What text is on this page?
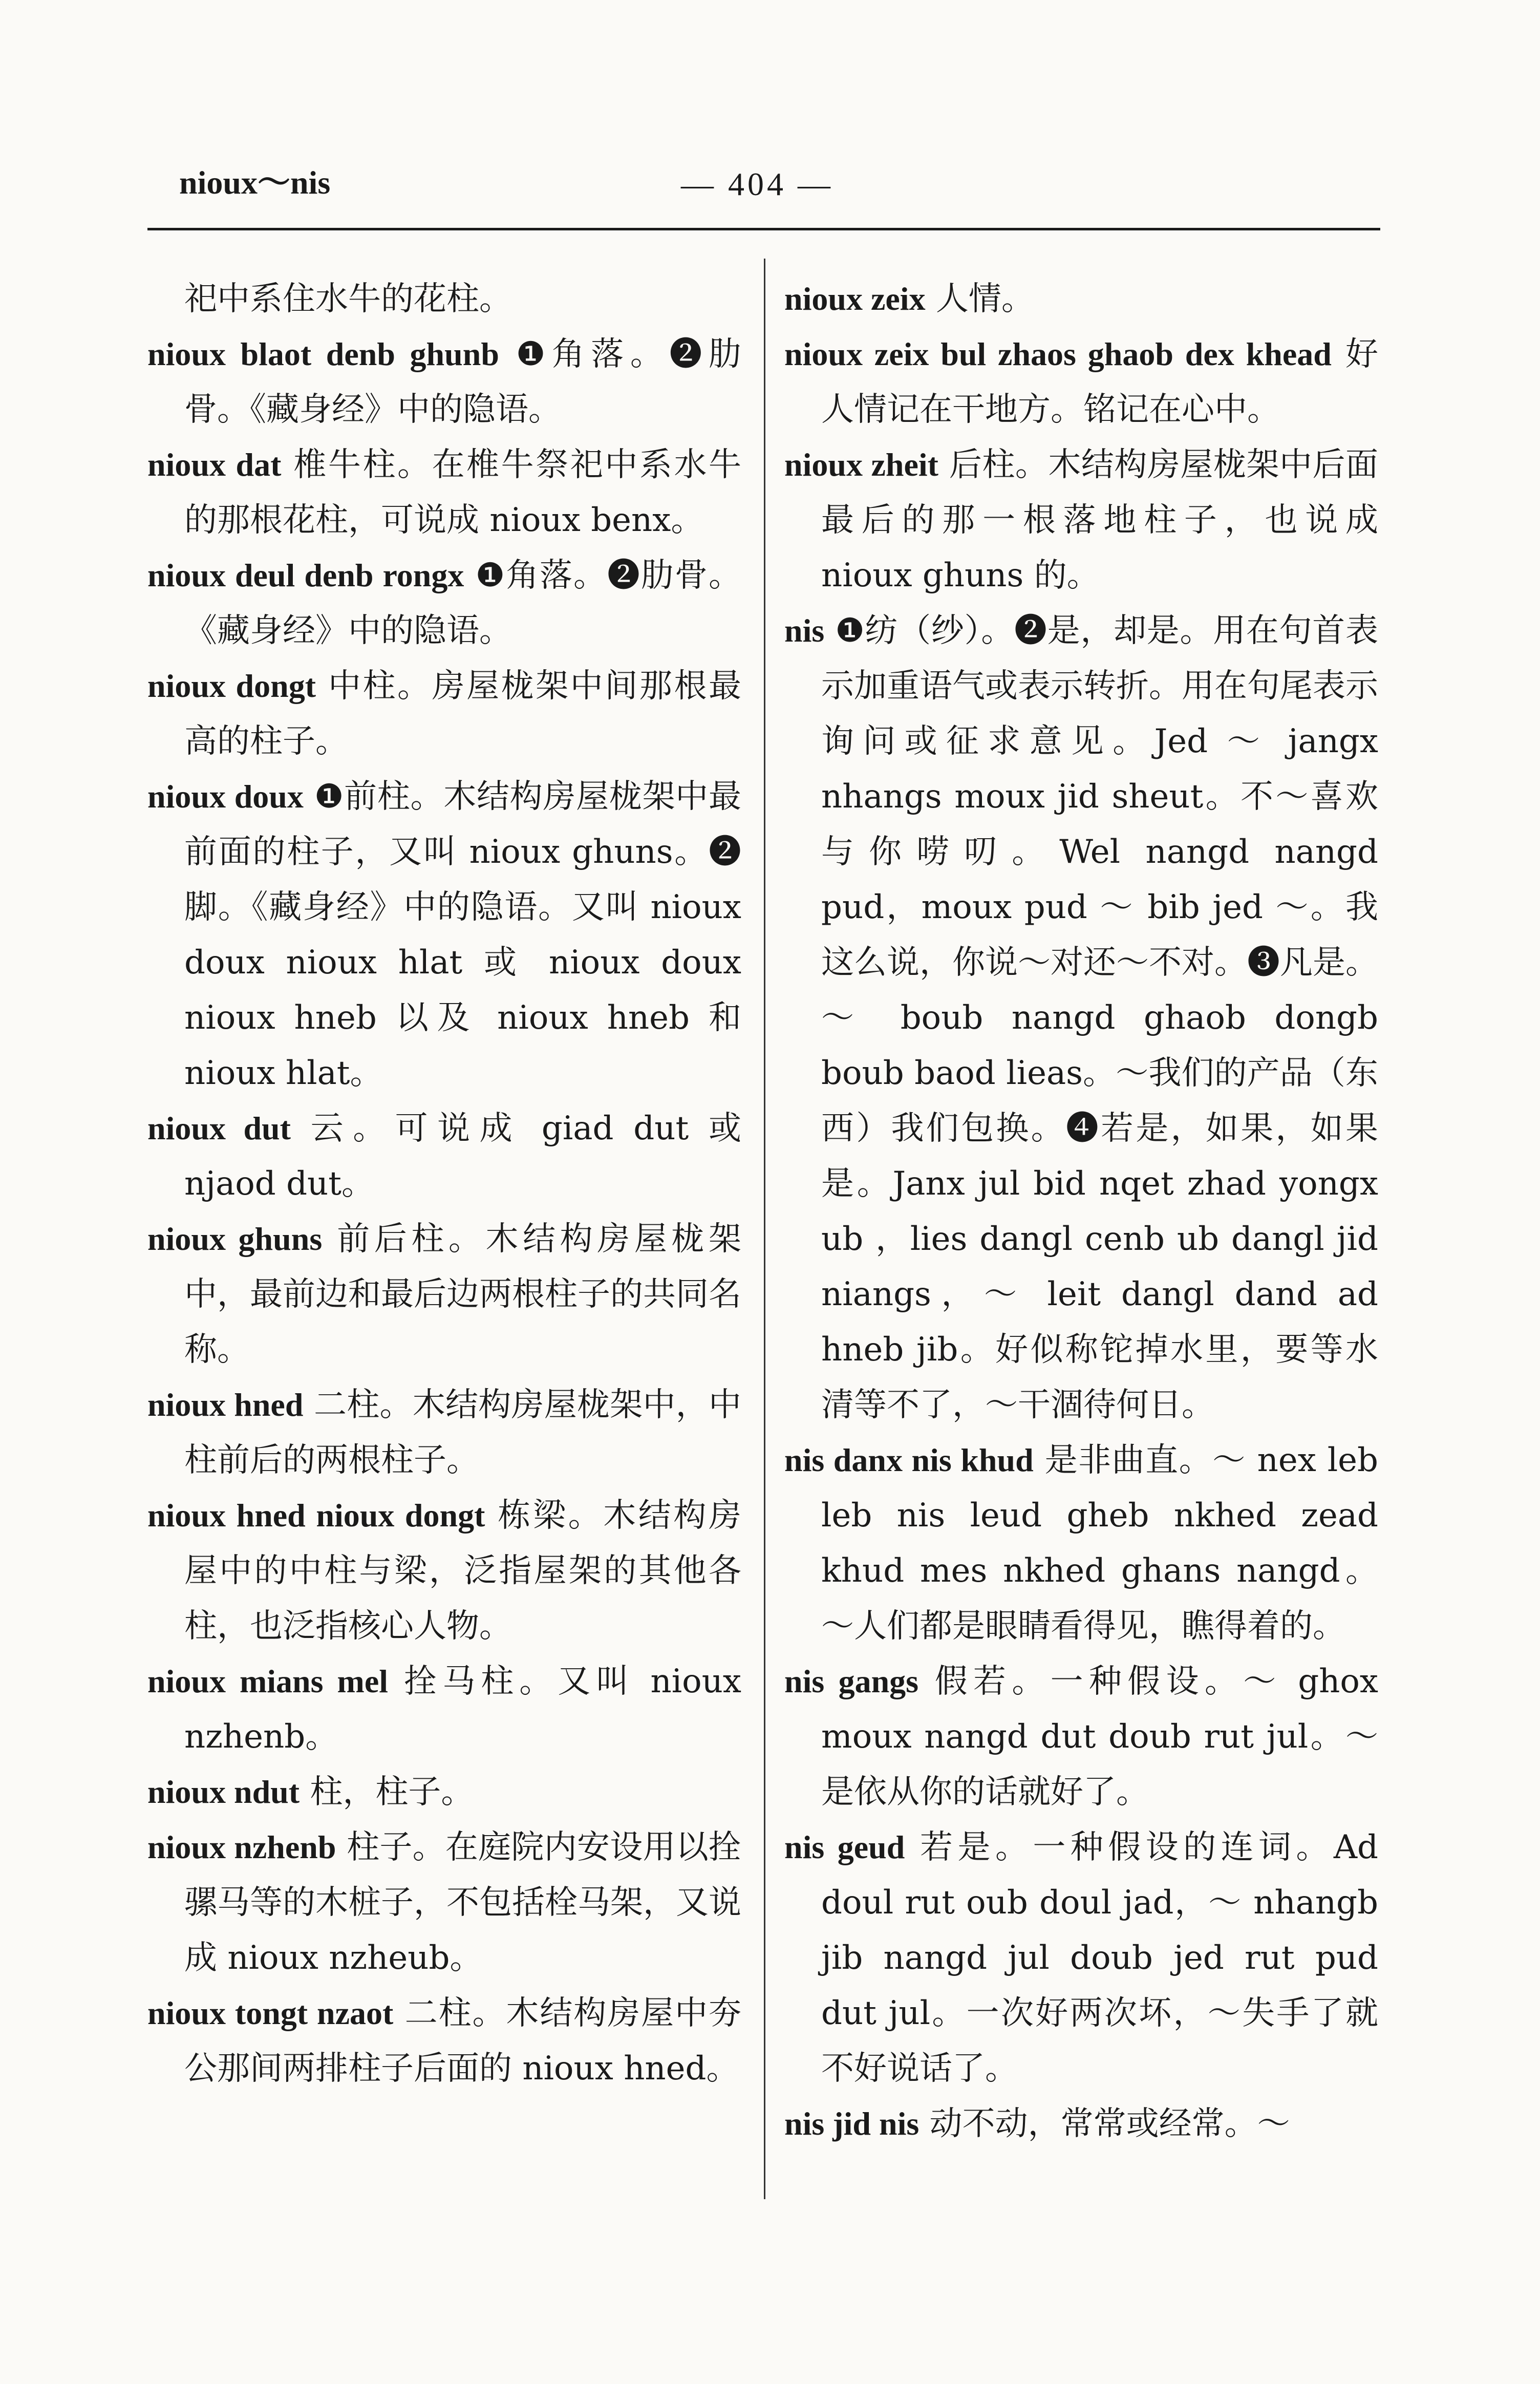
nioux～nis	— 404 —

祀中系住水牛的花柱。

nioux blaot denb ghunb ❶角落。❷肋骨。《藏身经》中的隐语。

nioux dat 椎牛柱。在椎牛祭祀中系水牛的那根花柱，可说成 nioux benx。

nioux deul denb rongx ❶角落。❷肋骨。《藏身经》中的隐语。

nioux dongt 中柱。房屋栊架中间那根最高的柱子。

nioux doux ❶前柱。木结构房屋栊架中最前面的柱子，又叫 nioux ghuns。❷脚。《藏身经》中的隐语。又叫 nioux doux nioux hlat 或 nioux doux nioux hneb 以及 nioux hneb 和 nioux hlat。

nioux dut 云。可说成 giad dut 或 njaod dut。

nioux ghuns 前后柱。木结构房屋栊架中，最前边和最后边两根柱子的共同名称。

nioux hned 二柱。木结构房屋栊架中，中柱前后的两根柱子。

nioux hned nioux dongt 栋梁。木结构房屋中的中柱与梁，泛指屋架的其他各柱，也泛指核心人物。

nioux mians mel 拴马柱。又叫 nioux nzhenb。

nioux ndut 柱，柱子。

nioux nzhenb 柱子。在庭院内安设用以拴骡马等的木桩子，不包括栓马架，又说成 nioux nzheub。

nioux tongt nzaot 二柱。木结构房屋中夯公那间两排柱子后面的 nioux hned。

nioux zeix 人情。

nioux zeix bul zhaos ghaob dex khead 好人情记在干地方。铭记在心中。

nioux zheit 后柱。木结构房屋栊架中后面最后的那一根落地柱子，也说成 nioux ghuns 的。

nis ❶纺（纱）。❷是，却是。用在句首表示加重语气或表示转折。用在句尾表示询问或征求意见。Jed ～ jangx nhangs moux jid sheut。不～喜欢与你唠叨。Wel nangd nangd pud，moux pud ～ bib jed ～。我这么说，你说～对还～不对。❸凡是。～ boub nangd ghaob dongb boub baod lieas。～我们的产品（东西）我们包换。❹若是，如果，如果是。Janx jul bid nqet zhad yongx ub ，lies dangl cenb ub dangl jid niangs，～ leit dangl dand ad hneb jib。好似称铊掉水里，要等水清等不了，～干涸待何日。

nis danx nis khud 是非曲直。～ nex leb leb nis leud gheb nkhed zead khud mes nkhed ghans nangd。～人们都是眼睛看得见，瞧得着的。

nis gangs 假若。一种假设。～ ghox moux nangd dut doub rut jul。～是依从你的话就好了。

nis geud 若是。一种假设的连词。Ad doul rut oub doul jad，～ nhangb jib nangd jul doub jed rut pud dut jul。一次好两次坏，～失手了就不好说话了。

nis jid nis 动不动，常常或经常。～
